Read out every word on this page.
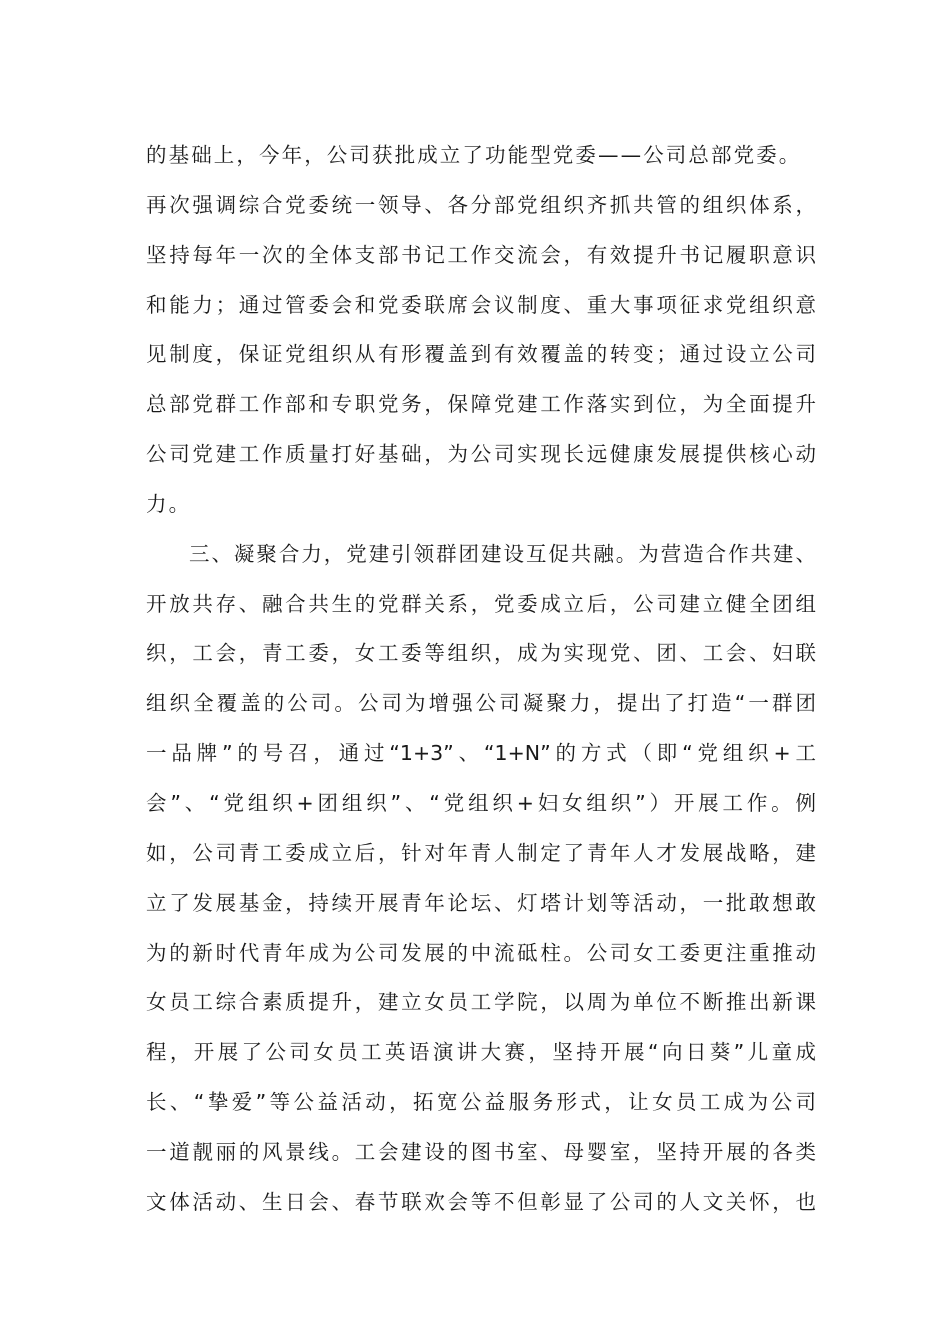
的基础上，今年，公司获批成立了功能型党委——公司总部党委。
再次强调综合党委统一领导、各分部党组织齐抓共管的组织体系，
坚持每年一次的全体支部书记工作交流会，有效提升书记履职意识
和能力；通过管委会和党委联席会议制度、重大事项征求党组织意
见制度，保证党组织从有形覆盖到有效覆盖的转变；通过设立公司
总部党群工作部和专职党务，保障党建工作落实到位，为全面提升
公司党建工作质量打好基础，为公司实现长远健康发展提供核心动
力。
三、凝聚合力，党建引领群团建设互促共融。为营造合作共建、
开放共存、融合共生的党群关系，党委成立后，公司建立健全团组
织，工会，青工委，女工委等组织，成为实现党、团、工会、妇联
组织全覆盖的公司。公司为增强公司凝聚力，提出了打造“一群团
一品牌”的号召，通过“1+3”、“1+N”的方式（即“党组织+工
会”、“党组织+团组织”、“党组织+妇女组织”）开展工作。例
如，公司青工委成立后，针对年青人制定了青年人才发展战略，建
立了发展基金，持续开展青年论坛、灯塔计划等活动，一批敢想敢
为的新时代青年成为公司发展的中流砥柱。公司女工委更注重推动
女员工综合素质提升，建立女员工学院，以周为单位不断推出新课
程，开展了公司女员工英语演讲大赛，坚持开展“向日葵”儿童成
长、“挚爱”等公益活动，拓宽公益服务形式，让女员工成为公司
一道靓丽的风景线。工会建设的图书室、母婴室，坚持开展的各类
文体活动、生日会、春节联欢会等不但彰显了公司的人文关怀，也
